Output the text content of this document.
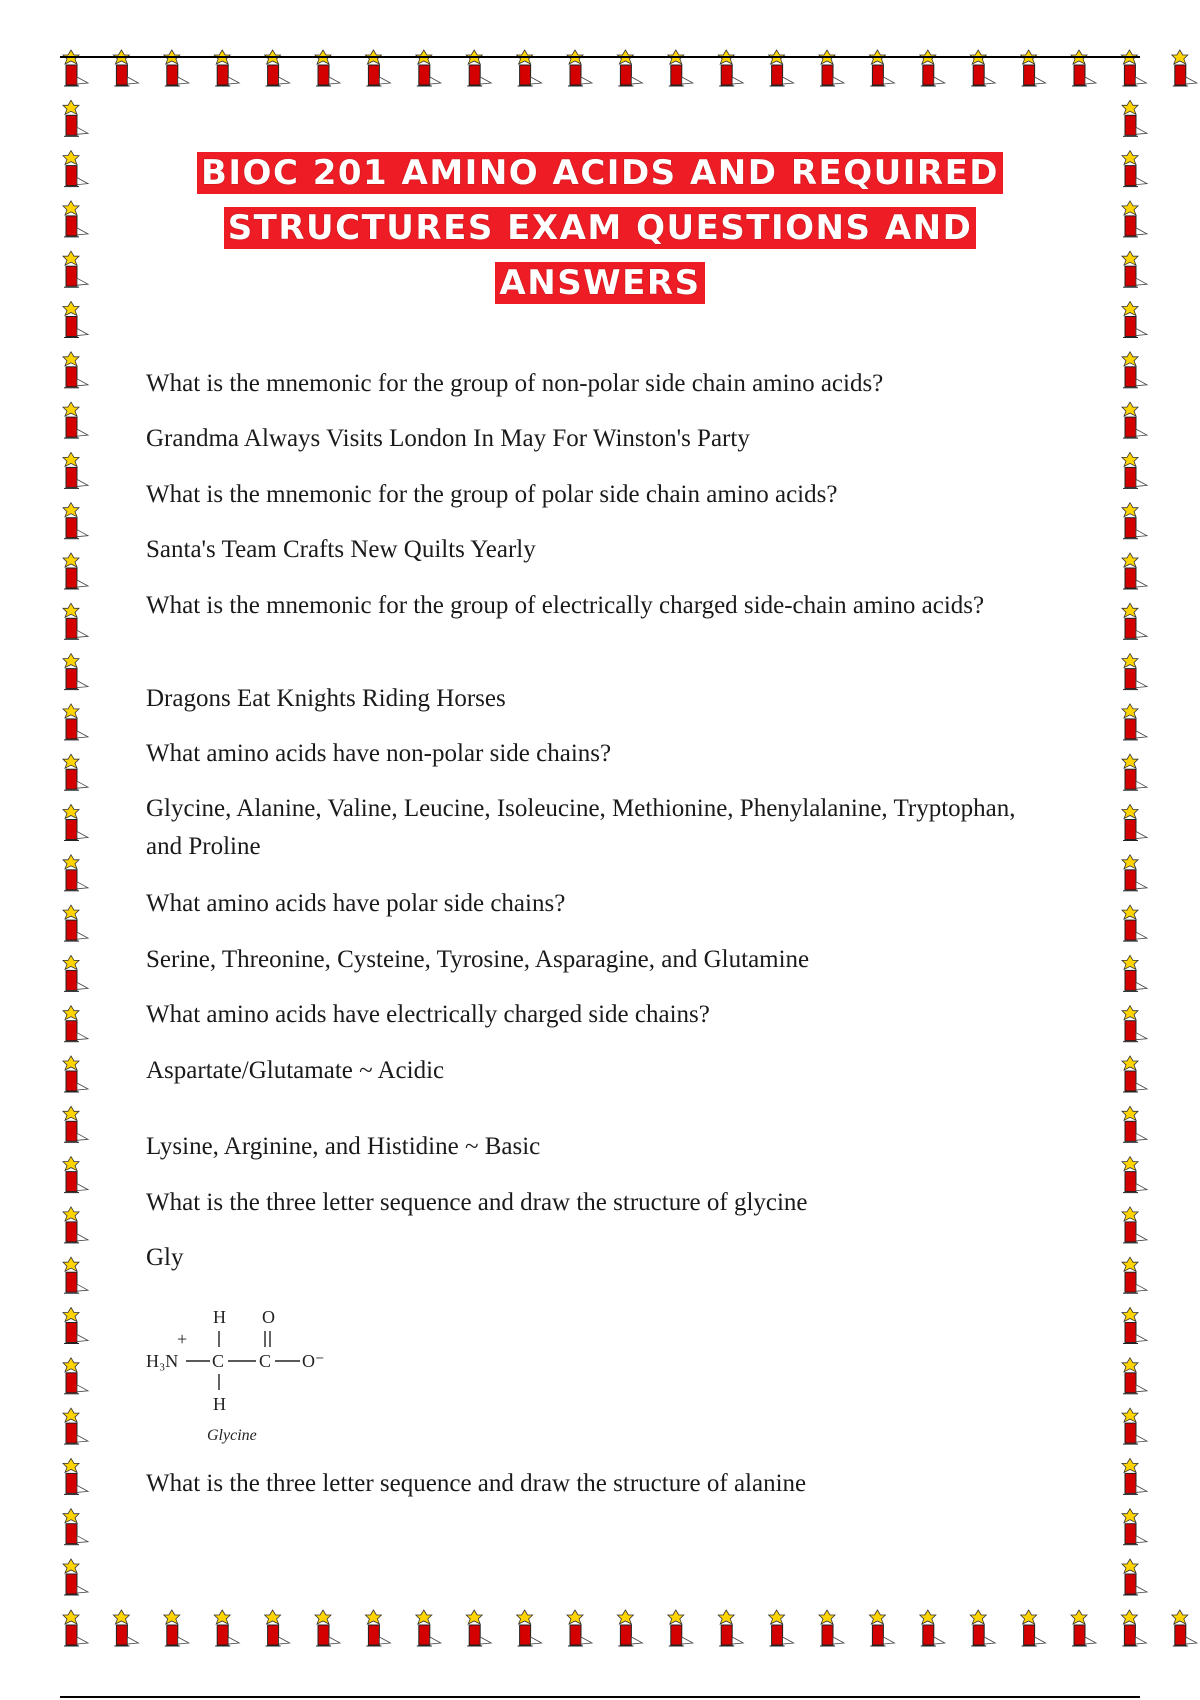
BIOC 201 AMINO ACIDS AND REQUIRED
STRUCTURES EXAM QUESTIONS AND
ANSWERS

What is the mnemonic for the group of non-polar side chain amino acids?

Grandma Always Visits London In May For Winston's Party

What is the mnemonic for the group of polar side chain amino acids?

Santa's Team Crafts New Quilts Yearly

What is the mnemonic for the group of electrically charged side-chain amino acids?

Dragons Eat Knights Riding Horses

What amino acids have non-polar side chains?

Glycine, Alanine, Valine, Leucine, Isoleucine, Methionine, Phenylalanine, Tryptophan, and Proline

What amino acids have polar side chains?

Serine, Threonine, Cysteine, Tyrosine, Asparagine, and Glutamine

What amino acids have electrically charged side chains?

Aspartate/Glutamate ~ Acidic

Lysine, Arginine, and Histidine ~ Basic

What is the three letter sequence and draw the structure of glycine

Gly

What is the three letter sequence and draw the structure of alanine

+
H O
H₃N C C O⁻
H
Glycine
